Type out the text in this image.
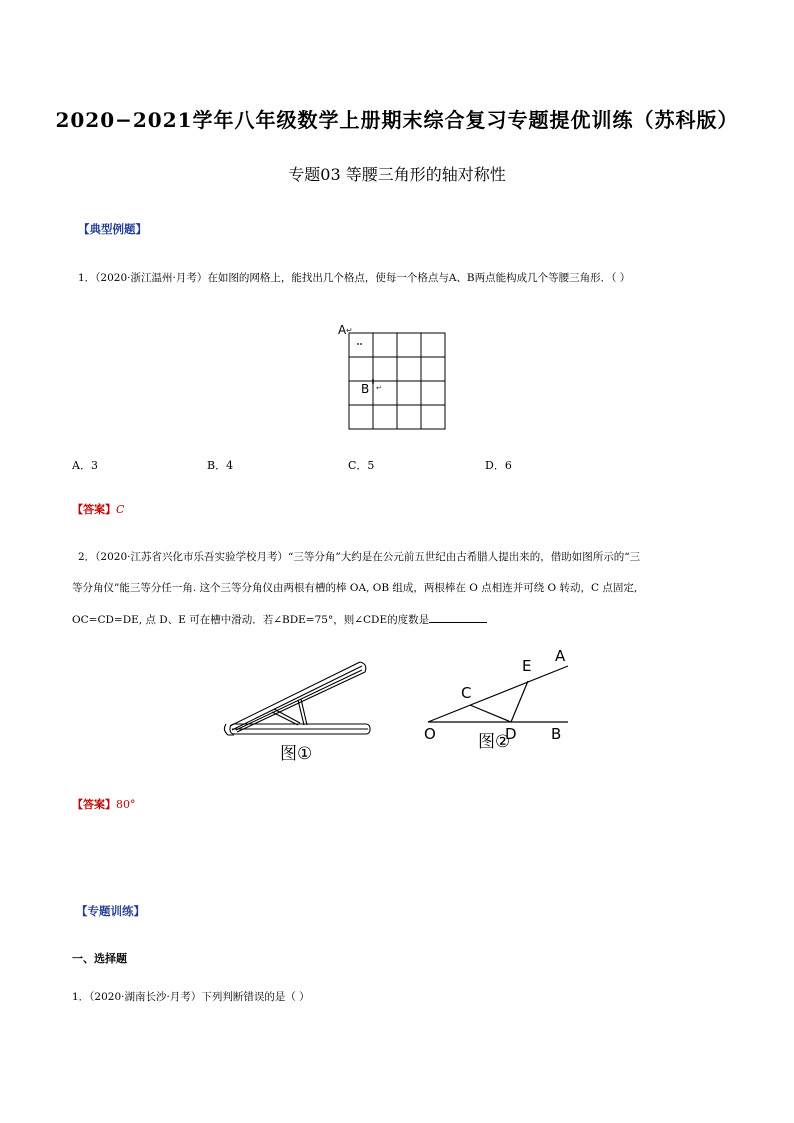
2020−2021学年八年级数学上册期末综合复习专题提优训练（苏科版）
专题03 等腰三角形的轴对称性
【典型例题】
1．（2020·浙江温州·月考）在如图的网格上，能找出几个格点，使每一个格点与A、B两点能构成几个等腰三角形．（ ）
A ↵
B ↵
A．3	B．4	C．5	D．6
【答案】C
2．（2020·江苏省兴化市乐吾实验学校月考）“三等分角”大约是在公元前五世纪由古希腊人提出来的，借助如图所示的“三
等分角仪”能三等分任一角. 这个三等分角仪由两根有槽的棒 OA, OB 组成，两根棒在 O 点相连并可绕 O 转动，C 点固定,
OC=CD=DE, 点 D、E 可在槽中滑动．若∠BDE=75°，则∠CDE的度数是
图①
A
E
C
O	D B
图②
【答案】80°
【专题训练】
一、选择题
1．（2020·湖南长沙·月考）下列判断错误的是（ ）
